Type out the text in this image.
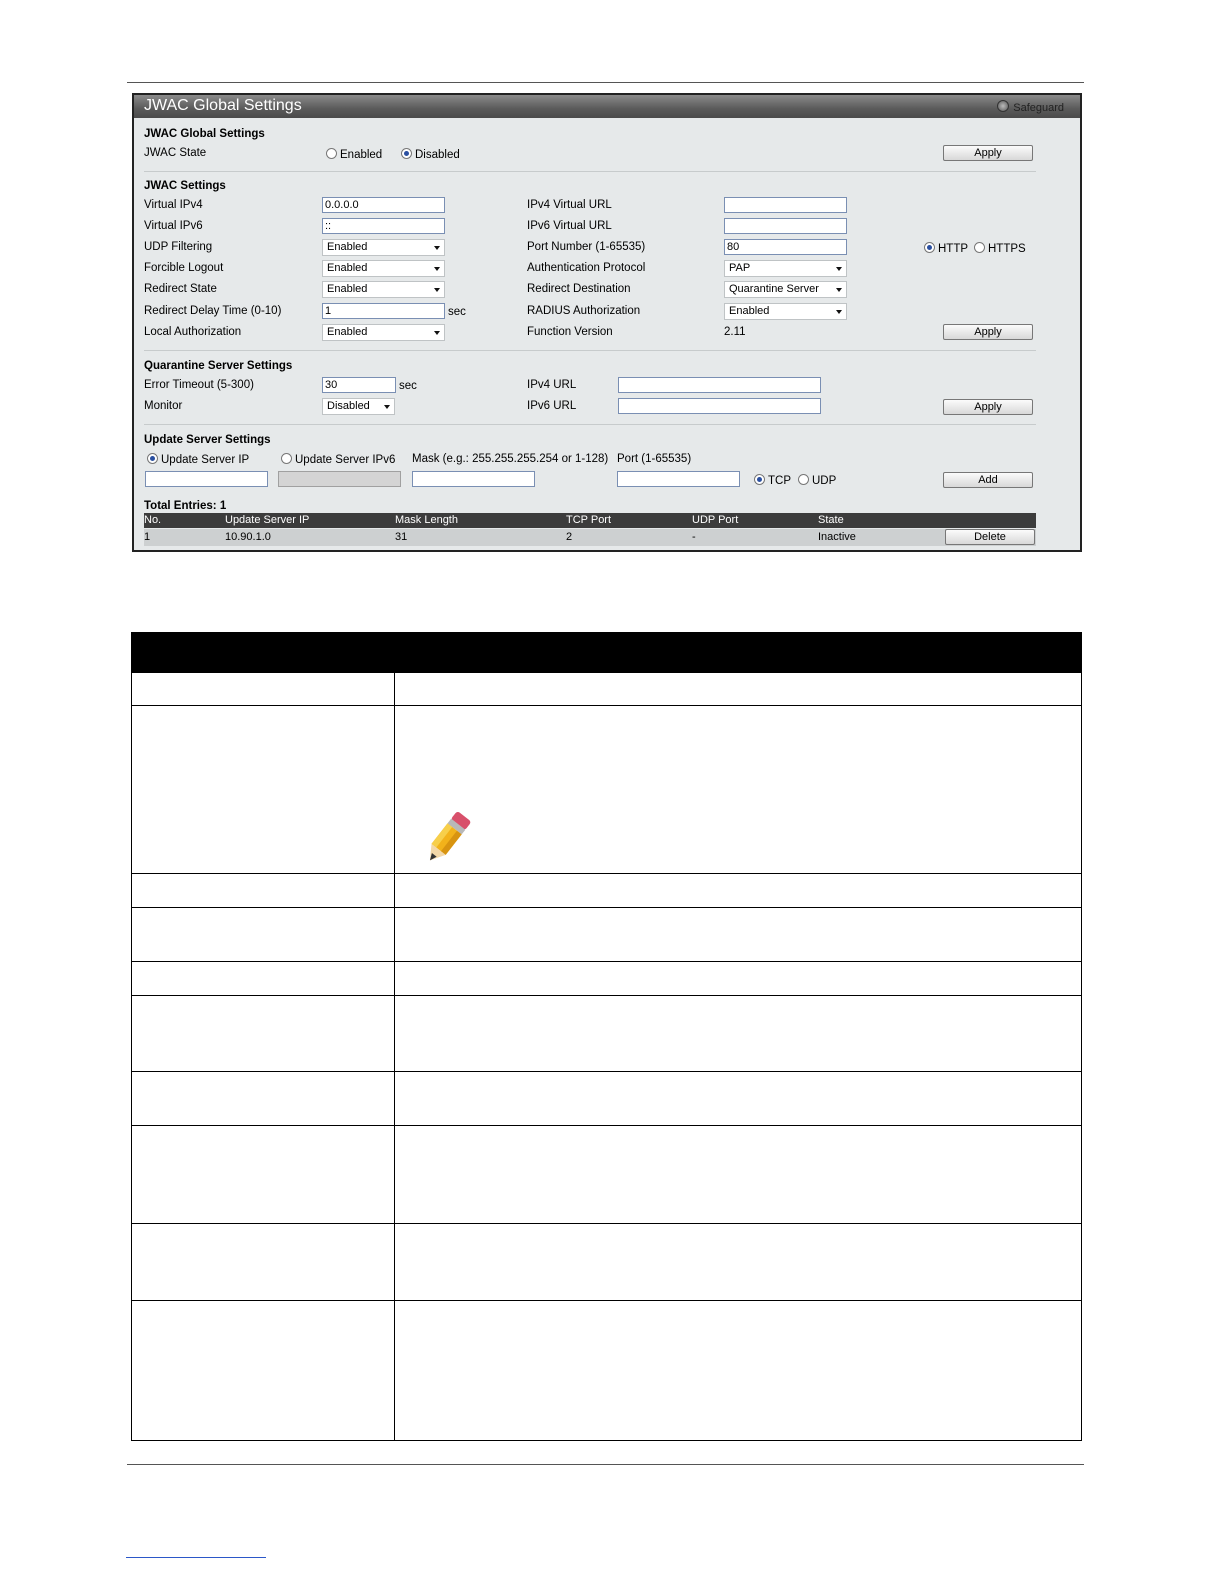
JWAC Global Settings	Safeguard
JWAC Global Settings
JWAC State	Enabled	Disabled	Apply
JWAC Settings
Virtual IPv4	0.0.0.0	IPv4 Virtual URL
Virtual IPv6	::	IPv6 Virtual URL
UDP Filtering	Enabled	Port Number (1-65535)	80	HTTP	HTTPS
Forcible Logout	Enabled	Authentication Protocol	PAP
Redirect State	Enabled	Redirect Destination	Quarantine Server
Redirect Delay Time (0-10)	1	sec	RADIUS Authorization	Enabled
Local Authorization	Enabled	Function Version	2.11	Apply
Quarantine Server Settings
Error Timeout (5-300)	30	sec	IPv4 URL
Monitor	Disabled	IPv6 URL	Apply
Update Server Settings
Update Server IP	Update Server IPv6 Mask (e.g.: 255.255.255.254 or 1-128) Port (1-65535)
TCP	UDP	Add
Total Entries: 1
No.	Update Server IP	Mask Length	TCP Port	UDP Port	State
1	10.90.1.0	31	2	-	Inactive	Delete
